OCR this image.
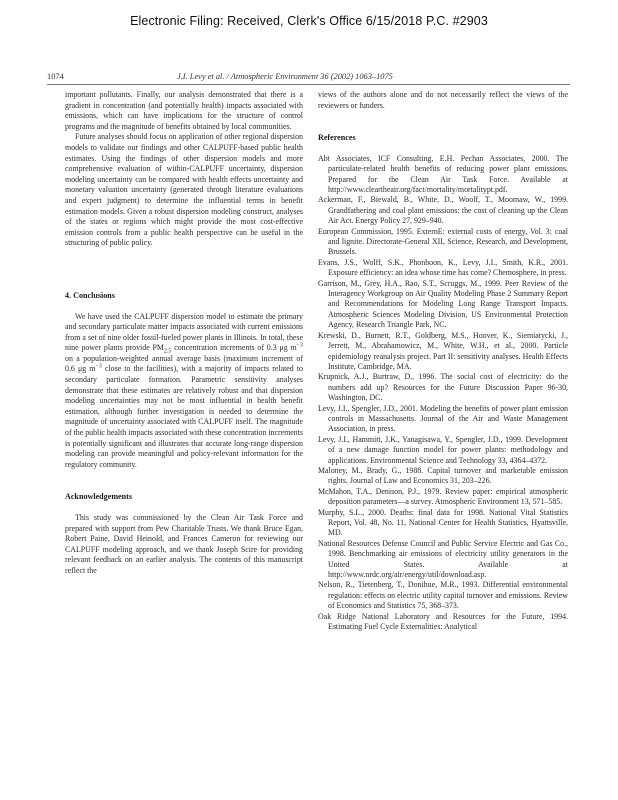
Electronic Filing: Received, Clerk's Office 6/15/2018 P.C. #2903
1074	J.I. Levy et al. / Atmospheric Environment 36 (2002) 1063–1075

important pollutants. Finally, our analysis demonstrated that there is a gradient in concentration (and potentially health) impacts associated with emissions, which can have implications for the structure of control programs and the magnitude of benefits obtained by local communities.

Future analyses should focus on application of other regional dispersion models to validate our findings and other CALPUFF-based public health estimates. Using the findings of other dispersion models and more comprehensive evaluation of within-CALPUFF uncertainty, dispersion modeling uncertainty can be compared with health effects uncertainty and monetary valuation uncertainty (generated through literature evaluations and expert judgment) to determine the influential terms in benefit estimation models. Given a robust dispersion modeling construct, analyses of the states or regions which might provide the most cost-effective emission controls from a public health perspective can be useful in the structuring of public policy.

4. Conclusions

We have used the CALPUFF dispersion model to estimate the primary and secondary particulate matter impacts associated with current emissions from a set of nine older fossil-fueled power plants in Illinois. In total, these nine power plants provide $PM_{2.5}$ concentration increments of 0.3 μg $m^{-3}$ on a population-weighted annual average basis (maximum increment of 0.6 μg $m^{-3}$ close to the facilities), with a majority of impacts related to secondary particulate formation. Parametric sensitivity analyses demonstrate that these estimates are relatively robust and that dispersion modeling uncertainties may not be most influential in health benefit estimation, although further investigation is needed to determine the magnitude of uncertainty associated with CALPUFF itself. The magnitude of the public health impacts associated with these concentration increments is potentially significant and illustrates that accurate long-range dispersion modeling can provide meaningful and policy-relevant information for the regulatory community.

Acknowledgements

This study was commissioned by the Clean Air Task Force and prepared with support from Pew Charitable Trusts. We thank Bruce Egan, Robert Paine, David Heinold, and Frances Cameron for reviewing our CALPUFF modeling approach, and we thank Joseph Scire for providing relevant feedback on an earlier analysis. The contents of this manuscript reflect the

views of the authors alone and do not necessarily reflect the views of the reviewers or funders.

References
Abt Associates, ICF Consulting, E.H. Pechan Associates, 2000. The particulate-related health benefits of reducing power plant emissions. Prepared for the Clean Air Task Force. Available at http://www.cleartheair.org/fact/mortality/mortalitypt.pdf.
Ackerman, F., Biewald, B., White, D., Woolf, T., Moomaw, W., 1999. Grandfathering and coal plant emissions: the cost of cleaning up the Clean Air Act. Energy Policy 27, 929–940.
European Commission, 1995. ExternE: external costs of energy, Vol. 3: coal and lignite. Directorate-General XII, Science, Research, and Development, Brussels.
Evans, J.S., Wolff, S.K., Phonboon, K., Levy, J.I., Smith, K.R., 2001. Exposure efficiency: an idea whose time has come? Chemosphere, in press.
Garrison, M., Grey, H.A., Rao, S.T., Scruggs, M., 1999. Peer Review of the Interagency Workgroup on Air Quality Modeling Phase 2 Summary Report and Recommendations for Modeling Long Range Transport Impacts. Atmospheric Sciences Modeling Division, US Environmental Protection Agency, Research Triangle Park, NC.
Krewski, D., Burnett, R.T., Goldberg, M.S., Hoover, K., Siemiatycki, J., Jerrett, M., Abrahamowicz, M., White, W.H., et al., 2000. Particle epidemiology reanalysis project. Part II: sensitivity analyses. Health Effects Institute, Cambridge, MA.
Krupnick, A.J., Burtraw, D., 1996. The social cost of electricity: do the numbers add up? Resources for the Future Discussion Paper 96-30, Washington, DC.
Levy, J.I., Spengler, J.D., 2001. Modeling the benefits of power plant emission controls in Massachusetts. Journal of the Air and Waste Management Association, in press.
Levy, J.I., Hammitt, J.K., Yanagisawa, Y., Spengler, J.D., 1999. Development of a new damage function model for power plants: methodology and applications. Environmental Science and Technology 33, 4364–4372.
Maloney, M., Brady, G., 1988. Capital turnover and marketable emission rights. Journal of Law and Economics 31, 203–226.
McMahon, T.A., Denison, P.J., 1979. Review paper: empirical atmospheric deposition parameters—a survey. Atmospheric Environment 13, 571–585.
Murphy, S.L., 2000. Deaths: final data for 1998. National Vital Statistics Report, Vol. 48, No. 11, National Center for Health Statistics, Hyattsville, MD.
National Resources Defense Council and Public Service Electric and Gas Co., 1998. Benchmarking air emissions of electricity utility generators in the United States. Available at http://www.nrdc.org/air/energy/util/download.asp.
Nelson, R., Tietenberg, T., Donihue, M.R., 1993. Differential environmental regulation: effects on electric utility capital turnover and emissions. Review of Economics and Statistics 75, 368–373.
Oak Ridge National Laboratory and Resources for the Future, 1994. Estimating Fuel Cycle Externalities: Analytical
